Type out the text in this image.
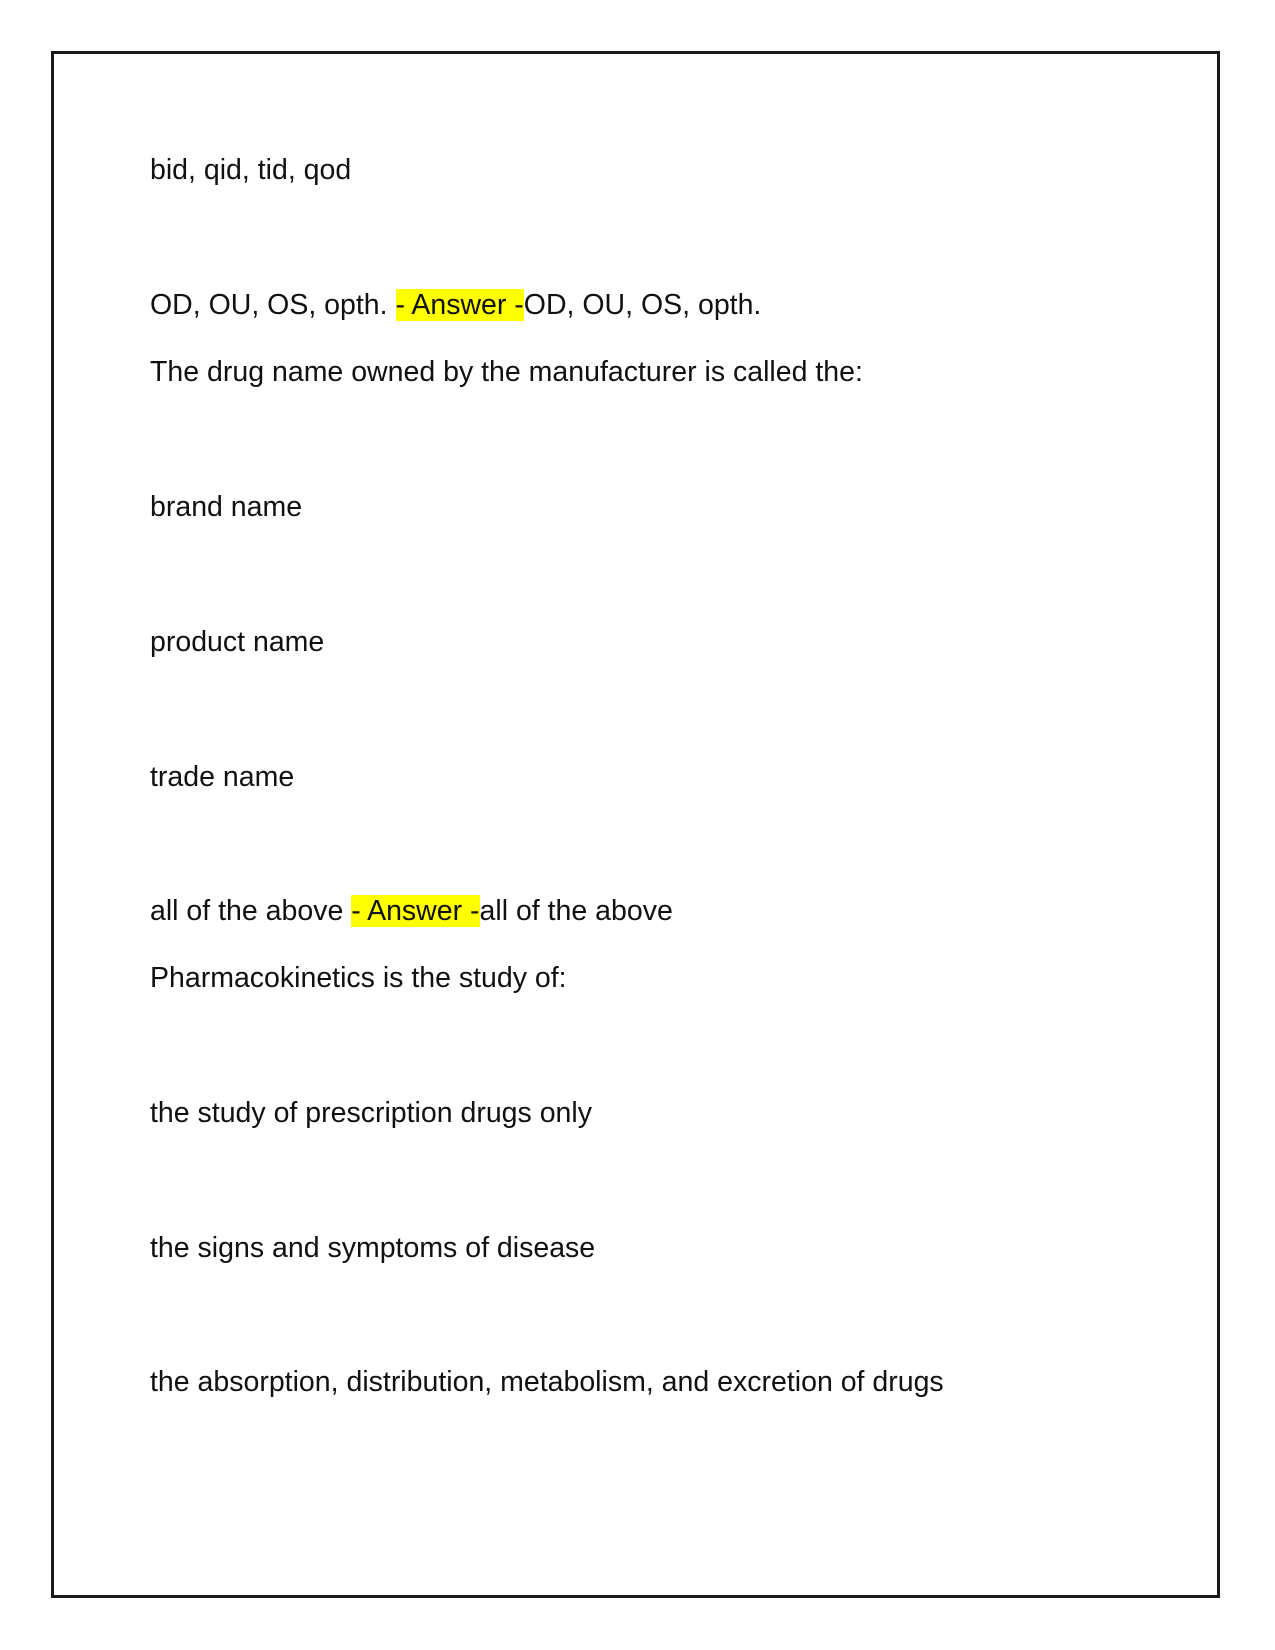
bid, qid, tid, qod

OD, OU, OS, opth. - Answer -OD, OU, OS, opth.

The drug name owned by the manufacturer is called the:

brand name

product name

trade name

all of the above - Answer -all of the above

Pharmacokinetics is the study of:

the study of prescription drugs only

the signs and symptoms of disease

the absorption, distribution, metabolism, and excretion of drugs
